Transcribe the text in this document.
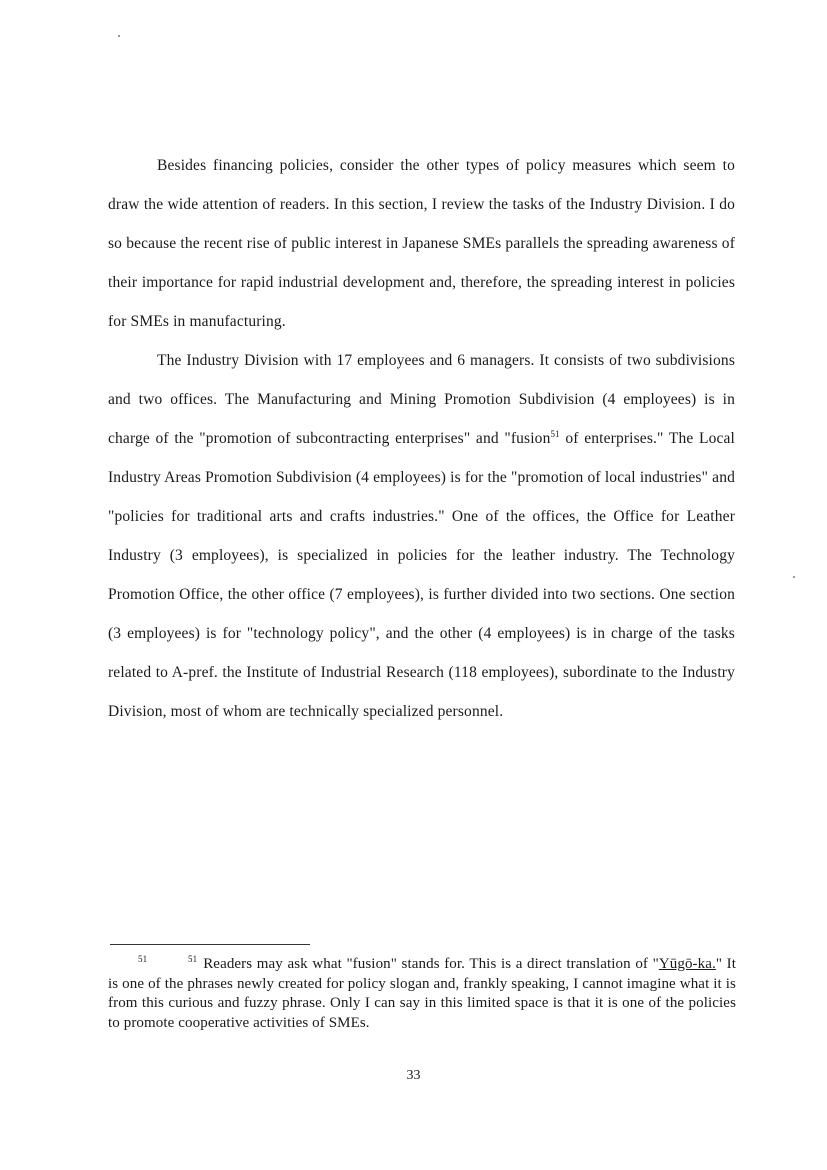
Besides financing policies, consider the other types of policy measures which seem to draw the wide attention of readers. In this section, I review the tasks of the Industry Division. I do so because the recent rise of public interest in Japanese SMEs parallels the spreading awareness of their importance for rapid industrial development and, therefore, the spreading interest in policies for SMEs in manufacturing.

The Industry Division with 17 employees and 6 managers. It consists of two subdivisions and two offices. The Manufacturing and Mining Promotion Subdivision (4 employees) is in charge of the "promotion of subcontracting enterprises" and "fusion$^{51}$ of enterprises." The Local Industry Areas Promotion Subdivision (4 employees) is for the "promotion of local industries" and "policies for traditional arts and crafts industries." One of the offices, the Office for Leather Industry (3 employees), is specialized in policies for the leather industry. The Technology Promotion Office, the other office (7 employees), is further divided into two sections. One section (3 employees) is for "technology policy", and the other (4 employees) is in charge of the tasks related to A-pref. the Institute of Industrial Research (118 employees), subordinate to the Industry Division, most of whom are technically specialized personnel.

51	$^{51}$ Readers may ask what "fusion" stands for. This is a direct translation of "Yūgō-ka." It is one of the phrases newly created for policy slogan and, frankly speaking, I cannot imagine what it is from this curious and fuzzy phrase. Only I can say in this limited space is that it is one of the policies to promote cooperative activities of SMEs.
33
